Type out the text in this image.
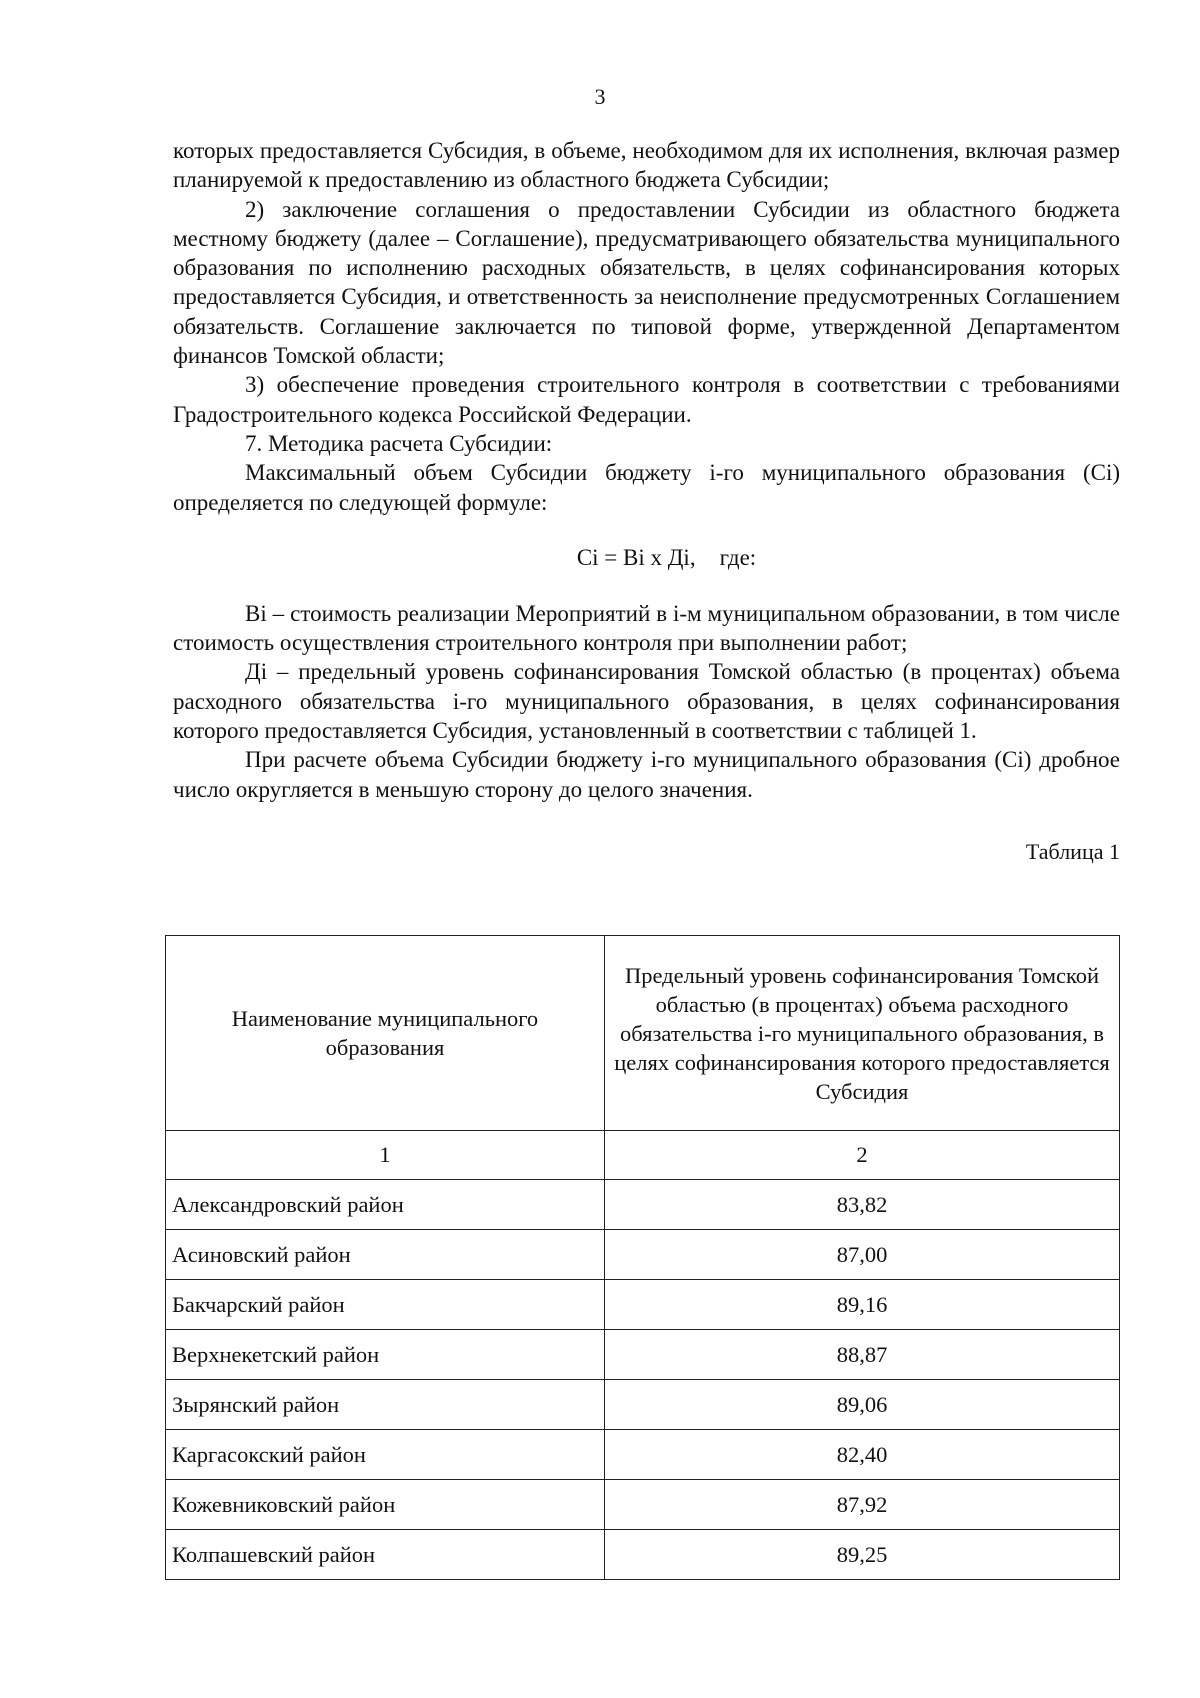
3

которых предоставляется Субсидия, в объеме, необходимом для их исполнения, включая размер планируемой к предоставлению из областного бюджета Субсидии;

2) заключение соглашения о предоставлении Субсидии из областного бюджета местному бюджету (далее – Соглашение), предусматривающего обязательства муниципального образования по исполнению расходных обязательств, в целях софинансирования которых предоставляется Субсидия, и ответственность за неисполнение предусмотренных Соглашением обязательств. Соглашение заключается по типовой форме, утвержденной Департаментом финансов Томской области;

3) обеспечение проведения строительного контроля в соответствии с требованиями Градостроительного кодекса Российской Федерации.

7. Методика расчета Субсидии:

Максимальный объем Субсидии бюджету i-го муниципального образования (Сi) определяется по следующей формуле:

Сi = Вi х Дi, где:

Вi – стоимость реализации Мероприятий в i-м муниципальном образовании, в том числе стоимость осуществления строительного контроля при выполнении работ;

Дi – предельный уровень софинансирования Томской областью (в процентах) объема расходного обязательства i-го муниципального образования, в целях софинансирования которого предоставляется Субсидия, установленный в соответствии с таблицей 1.

При расчете объема Субсидии бюджету i-го муниципального образования (Сi) дробное число округляется в меньшую сторону до целого значения.

Таблица 1

Наименование муниципального образования	Предельный уровень софинансирования Томской областью (в процентах) объема расходного обязательства i-го муниципального образования, в целях софинансирования которого предоставляется Субсидия
1	2
Александровский район	83,82
Асиновский район	87,00
Бакчарский район	89,16
Верхнекетский район	88,87
Зырянский район	89,06
Каргасокский район	82,40
Кожевниковский район	87,92
Колпашевский район	89,25
